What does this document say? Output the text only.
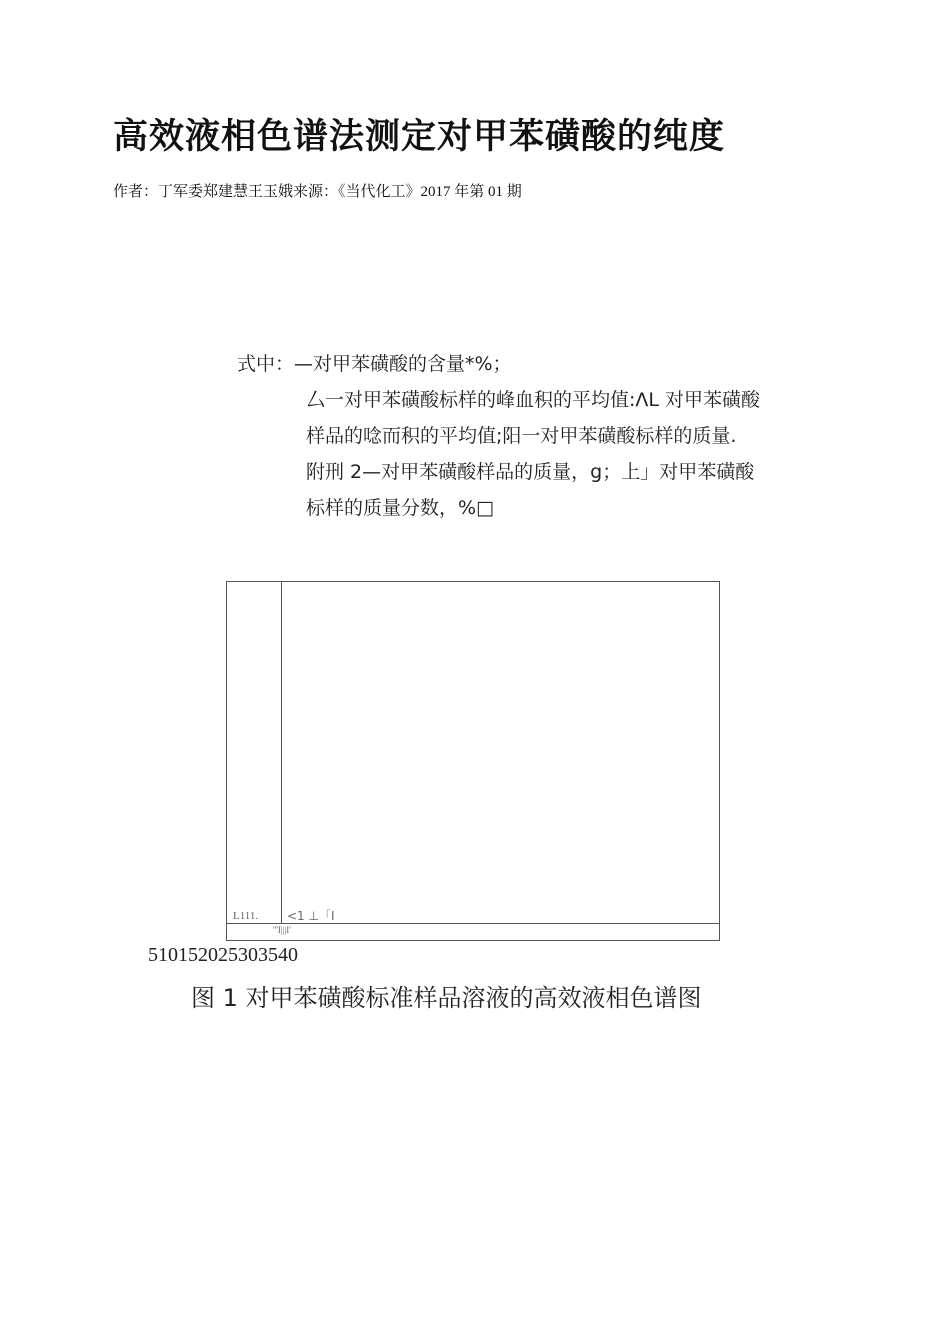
高效液相色谱法测定对甲苯磺酸的纯度
作者：丁军委郑建慧王玉娥来源：《当代化工》2017 年第 01 期
式中：—对甲苯磺酸的含量*%；
厶一对甲苯磺酸标样的峰血积的平均值:ΛL 对甲苯磺酸
样品的唸而积的平均值;阳一对甲苯磺酸标样的质量.
附刑 2—对甲苯磺酸样品的质量，g；上」对甲苯磺酸
标样的质量分数，%□
L111. <1 ⊥「I
'''I|||I'
510152025303540
图 1 对甲苯磺酸标准样品溶液的高效液相色谱图
